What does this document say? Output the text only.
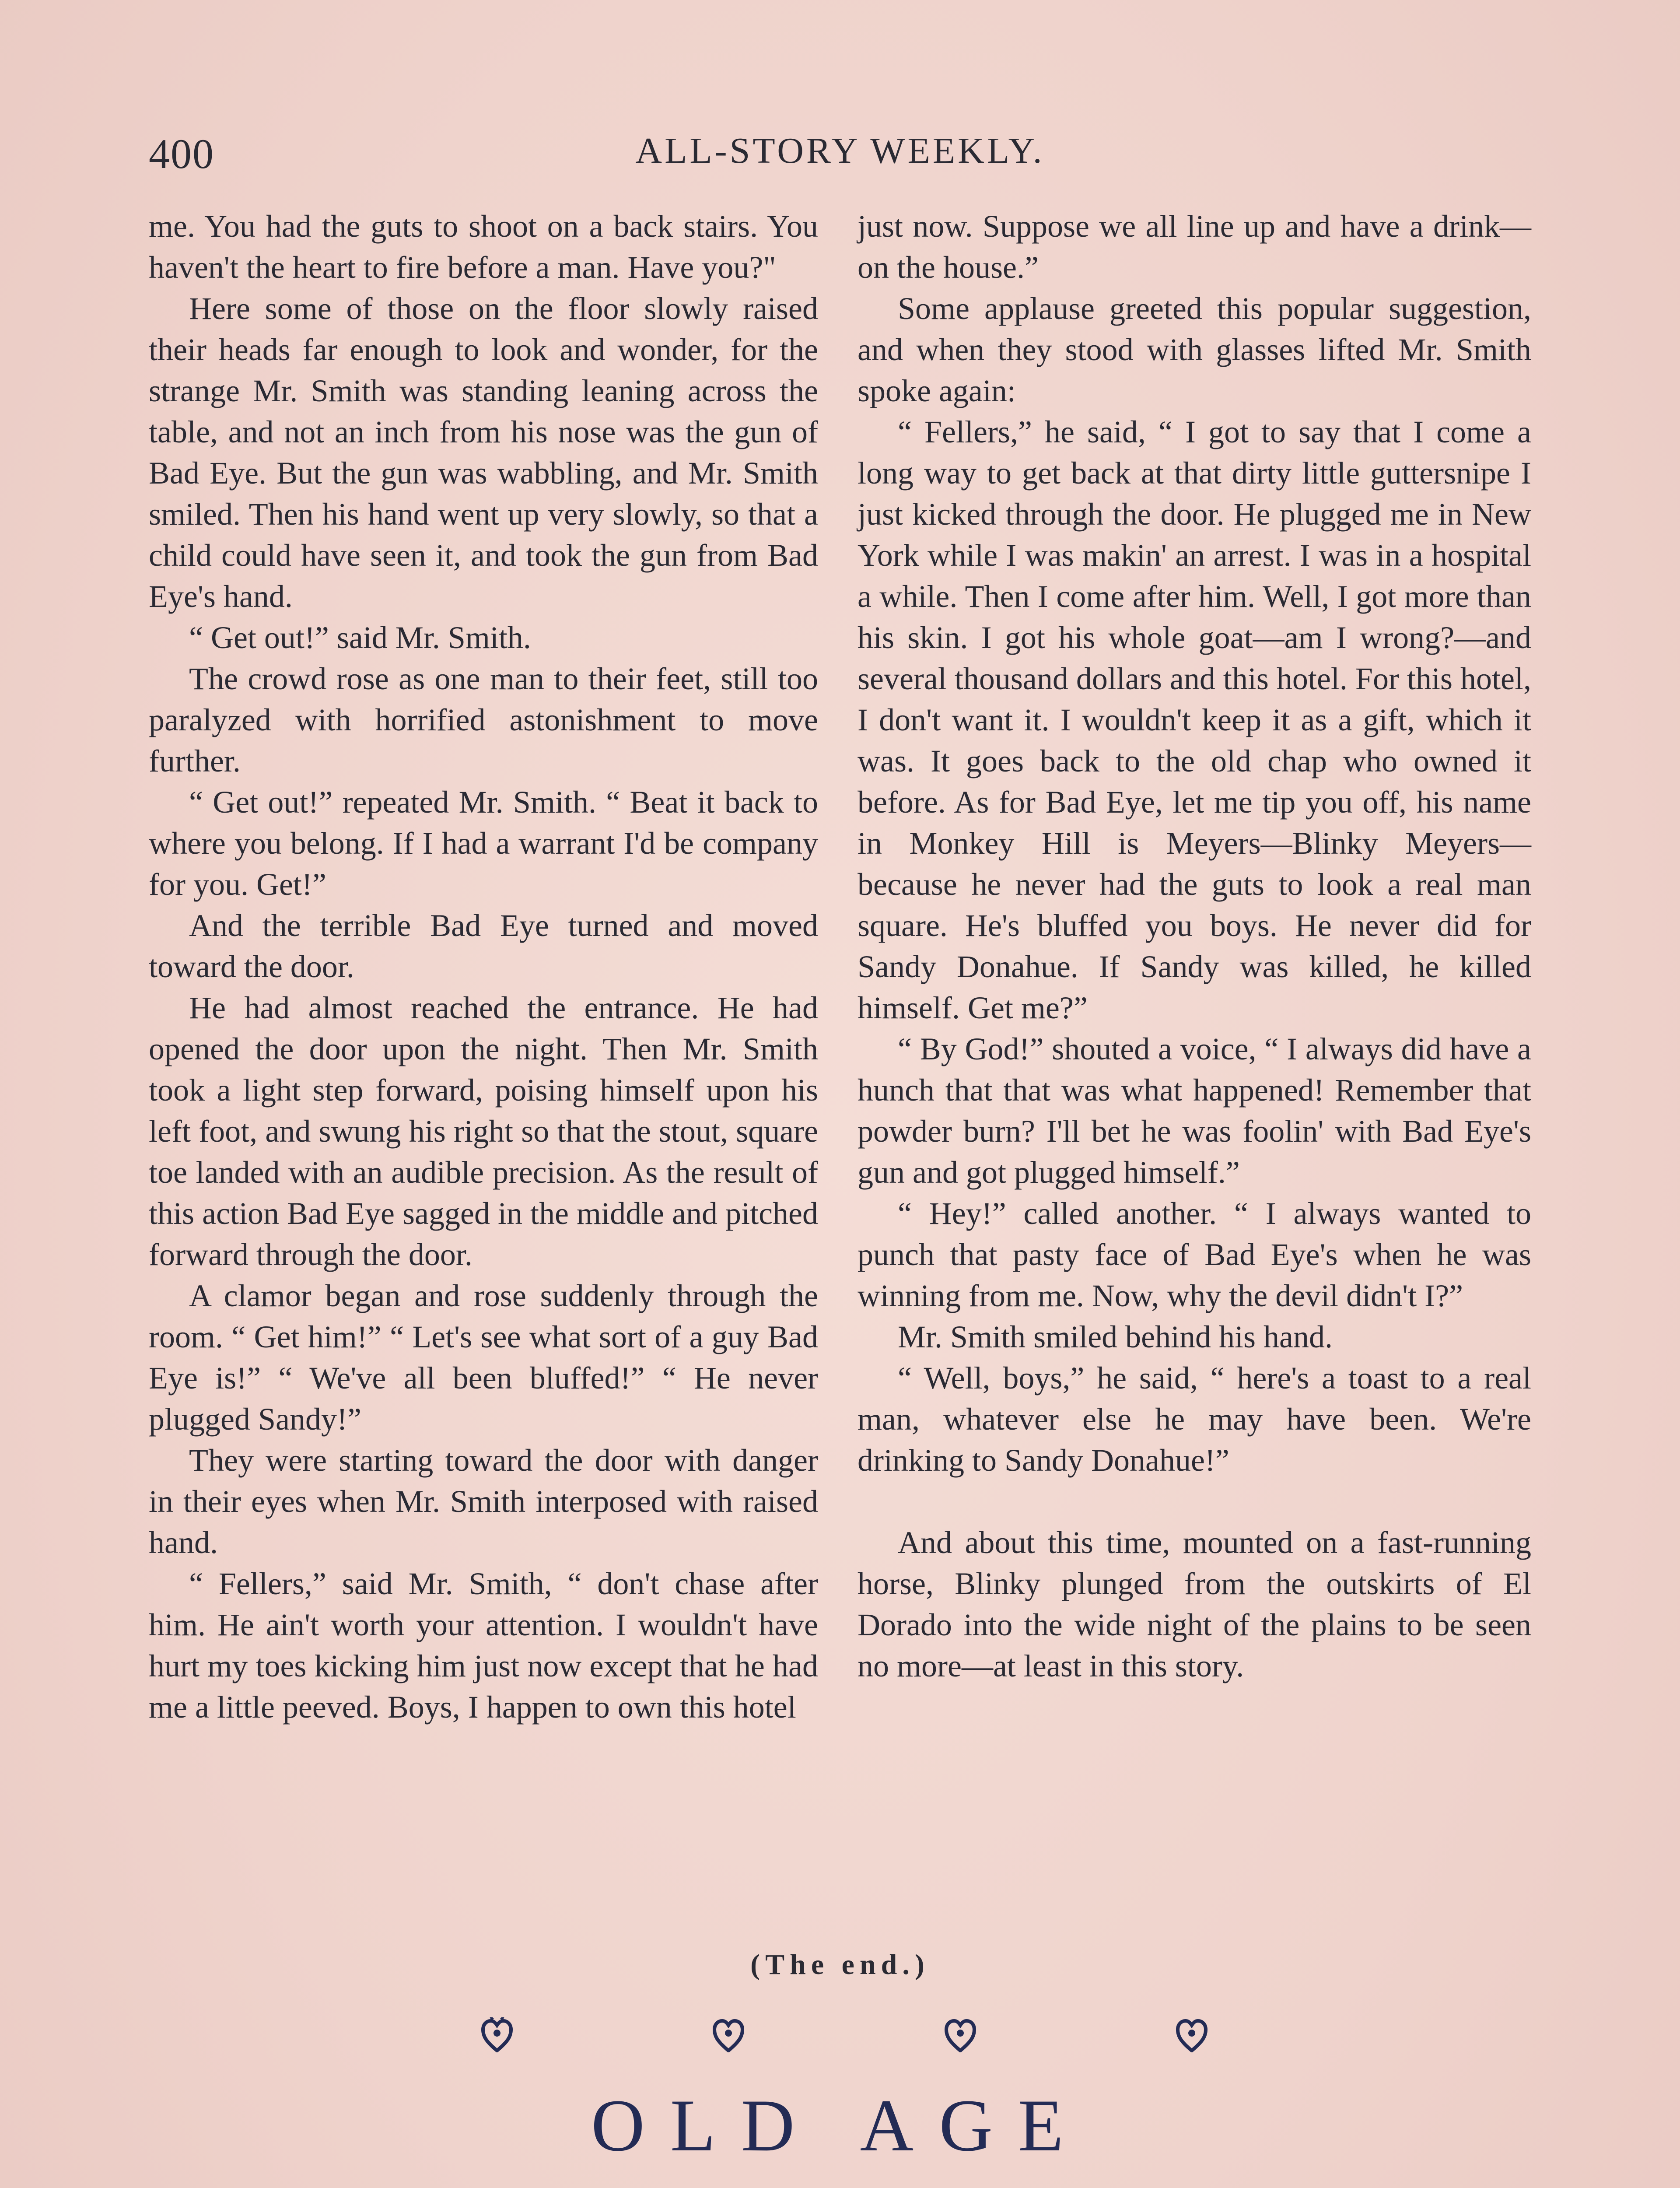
400	ALL-STORY WEEKLY.

me. You had the guts to shoot on a back stairs. You haven't the heart to fire before a man. Have you?"

Here some of those on the floor slowly raised their heads far enough to look and wonder, for the strange Mr. Smith was standing leaning across the table, and not an inch from his nose was the gun of Bad Eye. But the gun was wabbling, and Mr. Smith smiled. Then his hand went up very slowly, so that a child could have seen it, and took the gun from Bad Eye's hand.

“ Get out!” said Mr. Smith.

The crowd rose as one man to their feet, still too paralyzed with horrified astonishment to move further.

“ Get out!” repeated Mr. Smith. “ Beat it back to where you belong. If I had a warrant I'd be company for you. Get!”

And the terrible Bad Eye turned and moved toward the door.

He had almost reached the entrance. He had opened the door upon the night. Then Mr. Smith took a light step forward, poising himself upon his left foot, and swung his right so that the stout, square toe landed with an audible precision. As the result of this action Bad Eye sagged in the middle and pitched forward through the door.

A clamor began and rose suddenly through the room. “ Get him!” “ Let's see what sort of a guy Bad Eye is!” “ We've all been bluffed!” “ He never plugged Sandy!”

They were starting toward the door with danger in their eyes when Mr. Smith interposed with raised hand.

“ Fellers,” said Mr. Smith, “ don't chase after him. He ain't worth your attention. I wouldn't have hurt my toes kicking him just now except that he had me a little peeved. Boys, I happen to own this hotel

just now. Suppose we all line up and have a drink—on the house.”

Some applause greeted this popular suggestion, and when they stood with glasses lifted Mr. Smith spoke again:

“ Fellers,” he said, “ I got to say that I come a long way to get back at that dirty little guttersnipe I just kicked through the door. He plugged me in New York while I was makin' an arrest. I was in a hospital a while. Then I come after him. Well, I got more than his skin. I got his whole goat—am I wrong?—and several thousand dollars and this hotel. For this hotel, I don't want it. I wouldn't keep it as a gift, which it was. It goes back to the old chap who owned it before. As for Bad Eye, let me tip you off, his name in Monkey Hill is Meyers—Blinky Meyers—because he never had the guts to look a real man square. He's bluffed you boys. He never did for Sandy Donahue. If Sandy was killed, he killed himself. Get me?”

“ By God!” shouted a voice, “ I always did have a hunch that that was what happened! Remember that powder burn? I'll bet he was foolin' with Bad Eye's gun and got plugged himself.”

“ Hey!” called another. “ I always wanted to punch that pasty face of Bad Eye's when he was winning from me. Now, why the devil didn't I?”

Mr. Smith smiled behind his hand.

“ Well, boys,” he said, “ here's a toast to a real man, whatever else he may have been. We're drinking to Sandy Donahue!”

And about this time, mounted on a fast-running horse, Blinky plunged from the outskirts of El Dorado into the wide night of the plains to be seen no more—at least in this story.

(The end.)
OLD AGE
